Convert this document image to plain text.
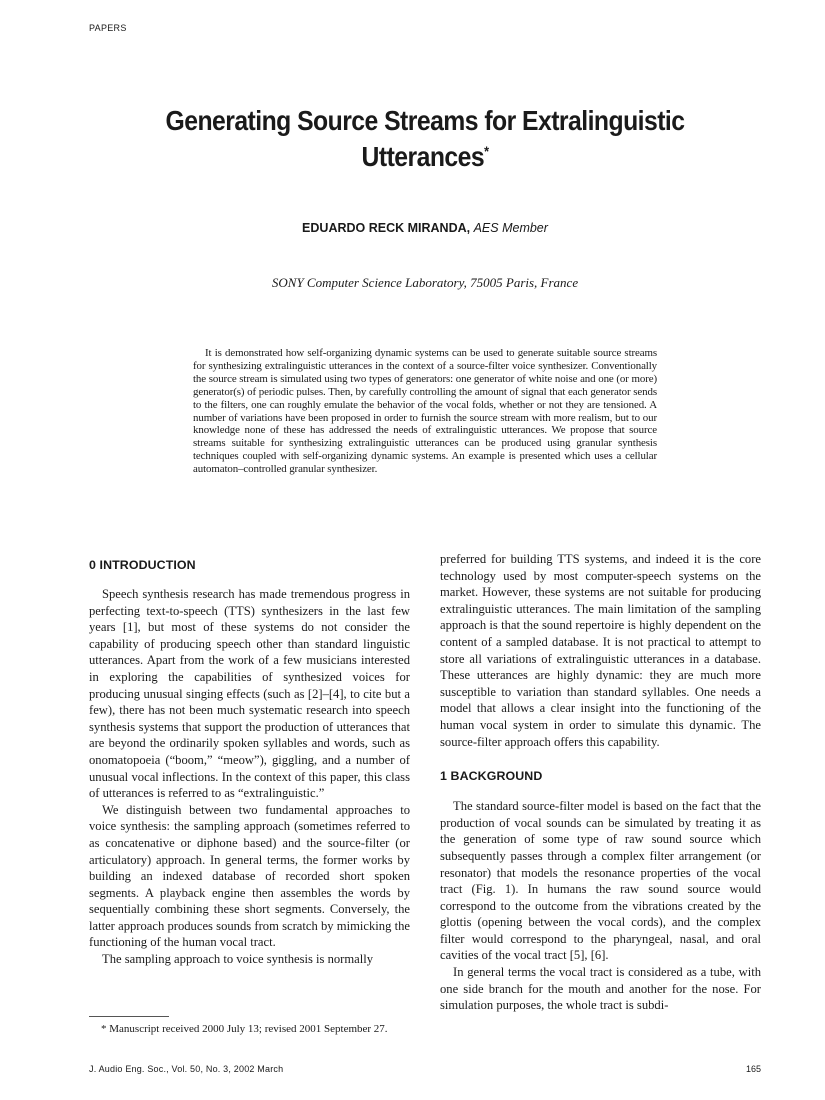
PAPERS
Generating Source Streams for Extralinguistic
Utterances*
EDUARDO RECK MIRANDA, AES Member
SONY Computer Science Laboratory, 75005 Paris, France

It is demonstrated how self-organizing dynamic systems can be used to generate suitable source streams for synthesizing extralinguistic utterances in the context of a source-filter voice synthesizer. Conventionally the source stream is simulated using two types of generators: one generator of white noise and one (or more) generator(s) of periodic pulses. Then, by carefully controlling the amount of signal that each generator sends to the filters, one can roughly emulate the behavior of the vocal folds, whether or not they are tensioned. A number of variations have been proposed in order to furnish the source stream with more realism, but to our knowledge none of these has addressed the needs of extralinguistic utterances. We propose that source streams suitable for synthesizing extralinguistic utterances can be produced using granular synthesis techniques coupled with self-organizing dynamic systems. An example is presented which uses a cellular automaton–controlled granular synthesizer.

0 INTRODUCTION

Speech synthesis research has made tremendous progress in perfecting text-to-speech (TTS) synthesizers in the last few years [1], but most of these systems do not consider the capability of producing speech other than standard linguistic utterances. Apart from the work of a few musicians interested in exploring the capabilities of synthesized voices for producing unusual singing effects (such as [2]–[4], to cite but a few), there has not been much systematic research into speech synthesis systems that support the production of utterances that are beyond the ordinarily spoken syllables and words, such as onomatopoeia (“boom,” “meow”), giggling, and a number of unusual vocal inflections. In the context of this paper, this class of utterances is referred to as “extralinguistic.”

We distinguish between two fundamental approaches to voice synthesis: the sampling approach (sometimes referred to as concatenative or diphone based) and the source-filter (or articulatory) approach. In general terms, the former works by building an indexed database of recorded short spoken segments. A playback engine then assembles the words by sequentially combining these short segments. Conversely, the latter approach produces sounds from scratch by mimicking the functioning of the human vocal tract.

The sampling approach to voice synthesis is normally

preferred for building TTS systems, and indeed it is the core technology used by most computer-speech systems on the market. However, these systems are not suitable for producing extralinguistic utterances. The main limitation of the sampling approach is that the sound repertoire is highly dependent on the content of a sampled database. It is not practical to attempt to store all variations of extralinguistic utterances in a database. These utterances are highly dynamic: they are much more susceptible to variation than standard syllables. One needs a model that allows a clear insight into the functioning of the human vocal system in order to simulate this dynamic. The source-filter approach offers this capability.

1 BACKGROUND

The standard source-filter model is based on the fact that the production of vocal sounds can be simulated by treating it as the generation of some type of raw sound source which subsequently passes through a complex filter arrangement (or resonator) that models the resonance properties of the vocal tract (Fig. 1). In humans the raw sound source would correspond to the outcome from the vibrations created by the glottis (opening between the vocal cords), and the complex filter would correspond to the pharyngeal, nasal, and oral cavities of the vocal tract [5], [6].

In general terms the vocal tract is considered as a tube, with one side branch for the mouth and another for the nose. For simulation purposes, the whole tract is subdi-

* Manuscript received 2000 July 13; revised 2001 September 27.

J. Audio Eng. Soc., Vol. 50, No. 3, 2002 March	165
